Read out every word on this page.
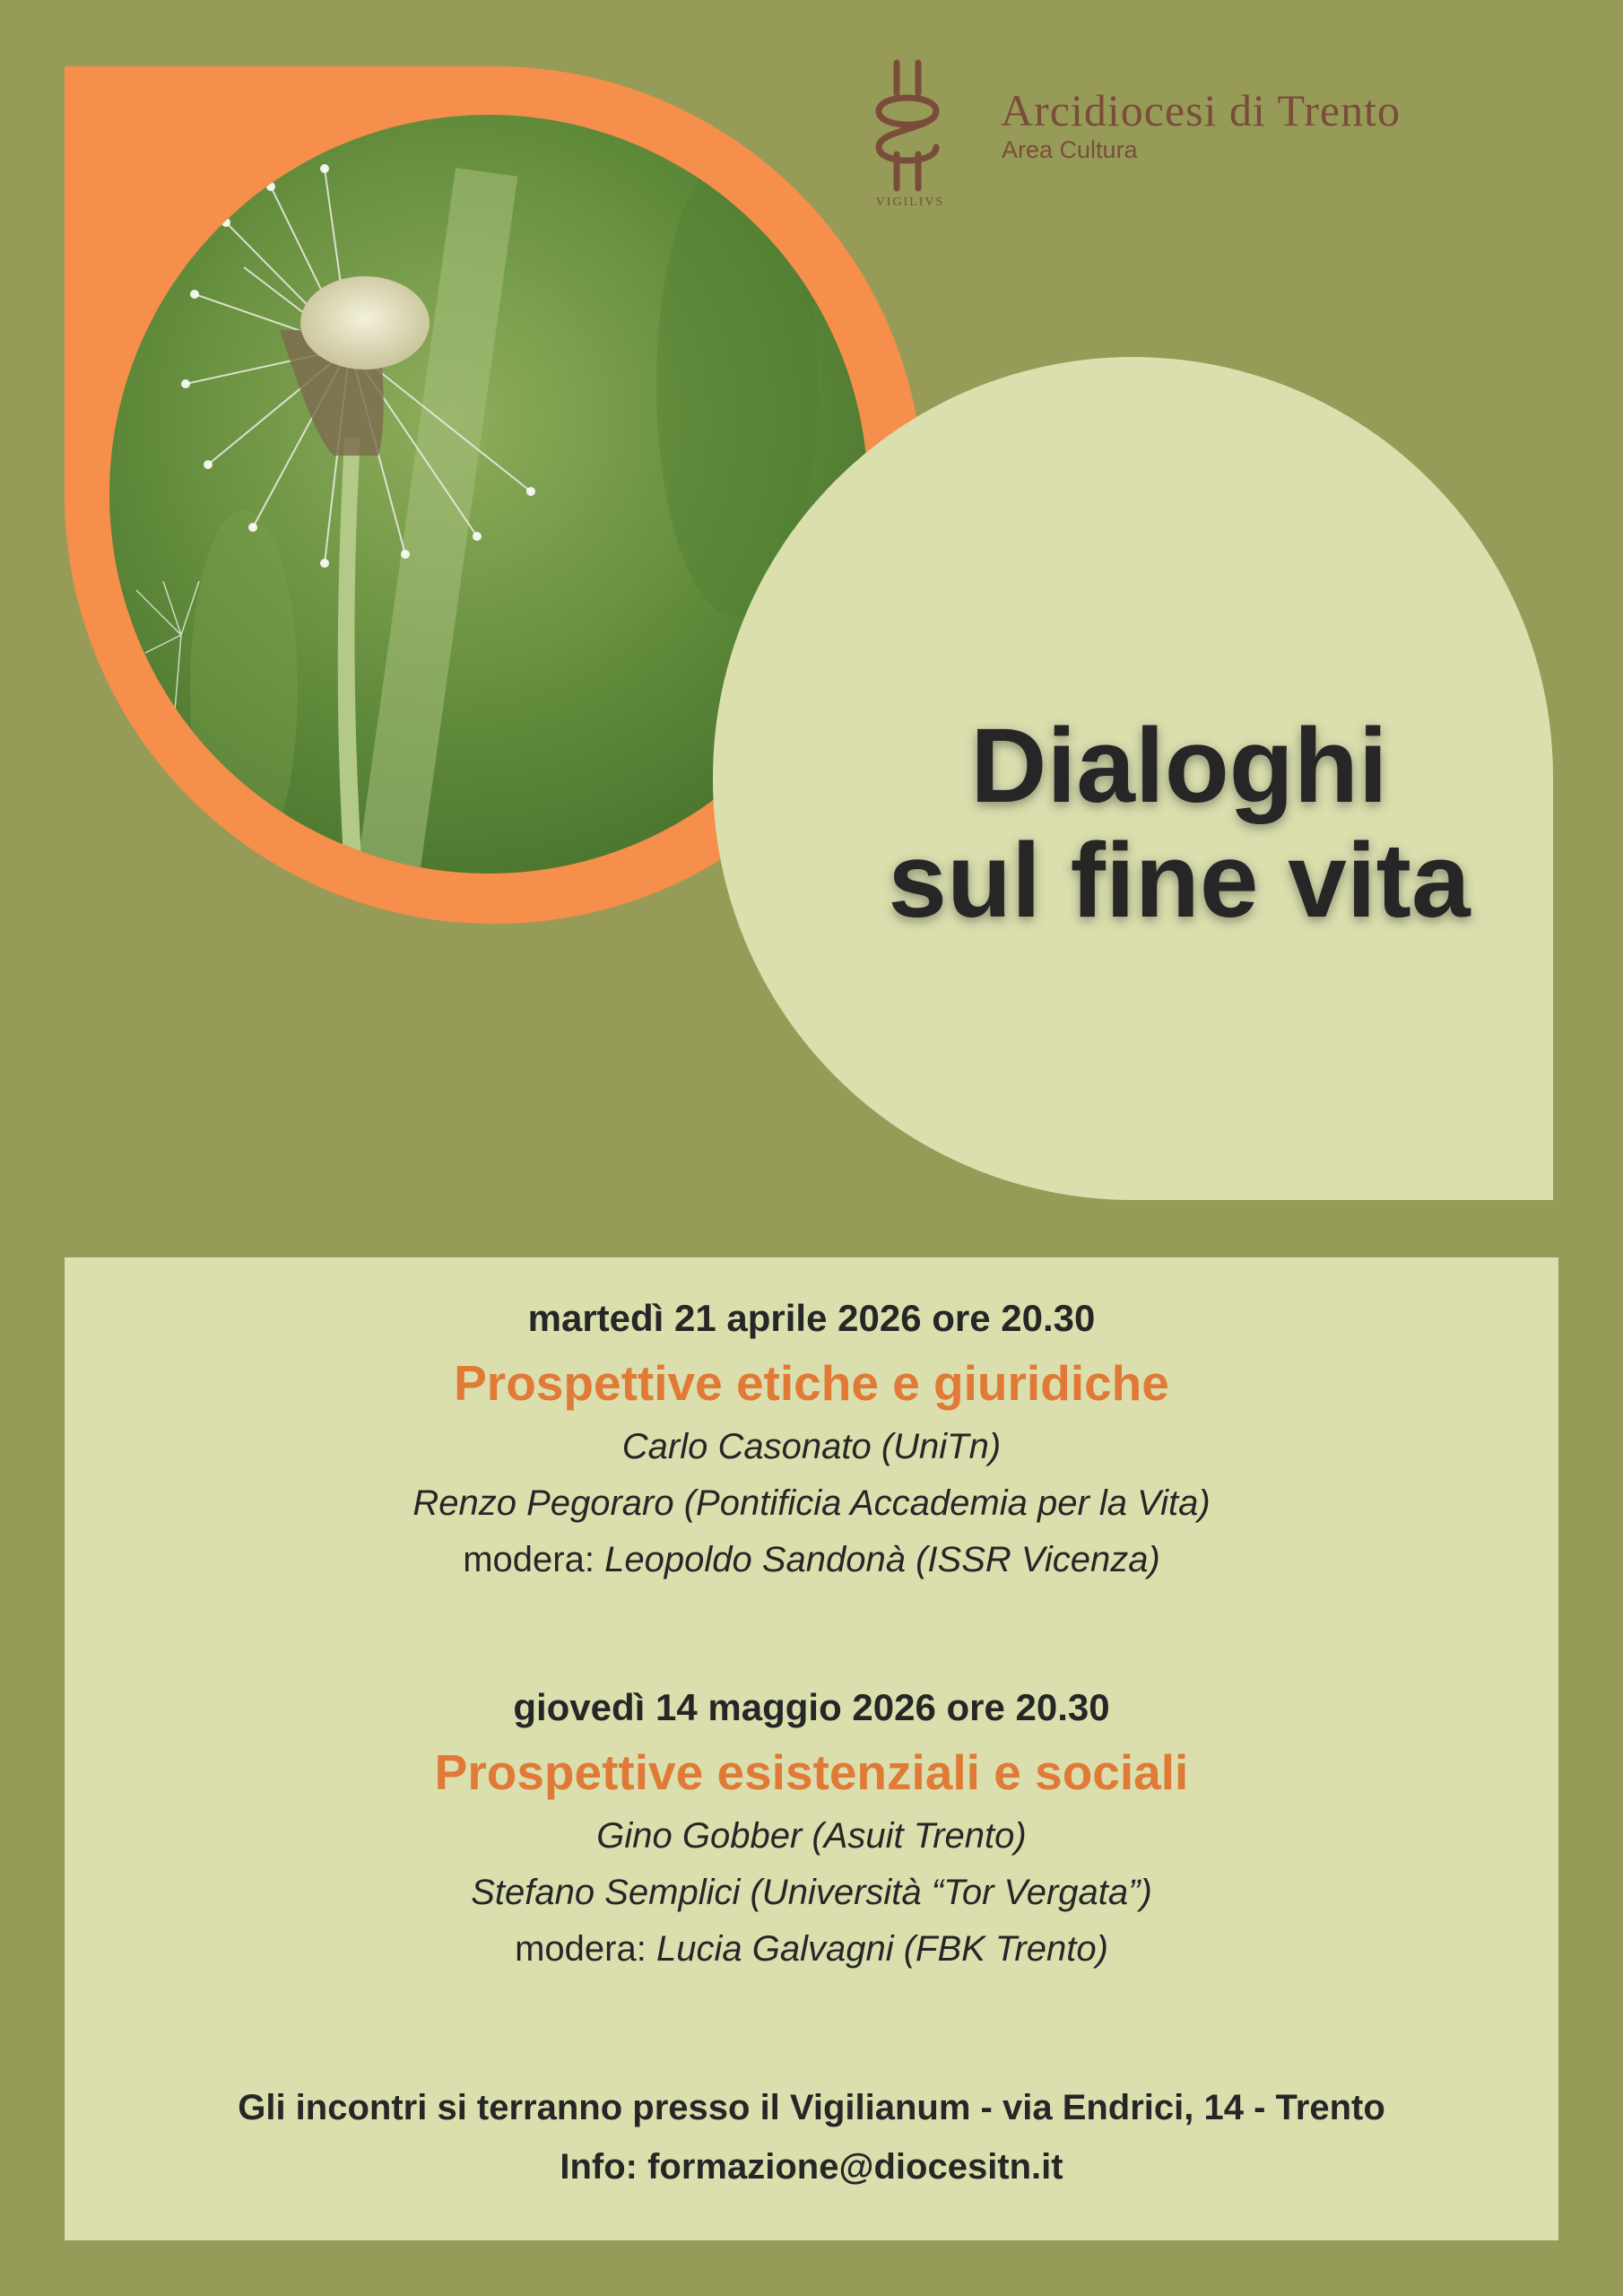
Dialoghi
sul fine vita
VIGILIVS
Arcidiocesi di Trento
Area Cultura
martedì 21 aprile 2026 ore 20.30
Prospettive etiche e giuridiche
Carlo Casonato (UniTn)
Renzo Pegoraro (Pontificia Accademia per la Vita)
modera: Leopoldo Sandonà (ISSR Vicenza)
giovedì 14 maggio 2026 ore 20.30
Prospettive esistenziali e sociali
Gino Gobber (Asuit Trento)
Stefano Semplici (Università “Tor Vergata”)
modera: Lucia Galvagni (FBK Trento)
Gli incontri si terranno presso il Vigilianum - via Endrici, 14 - Trento
Info: formazione@diocesitn.it
